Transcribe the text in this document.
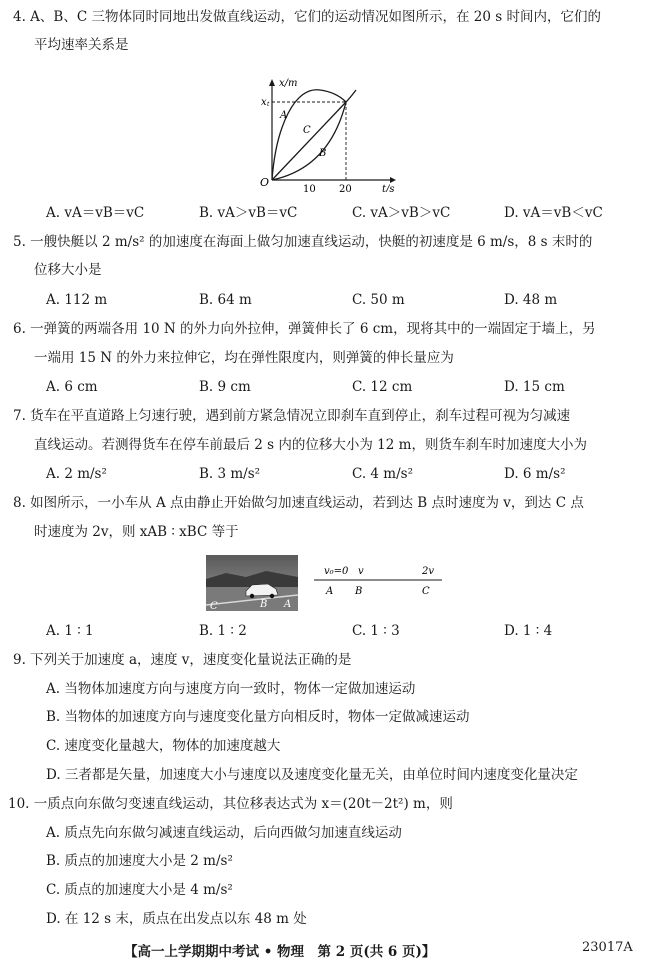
4. A、B、C 三物体同时同地出发做直线运动，它们的运动情况如图所示，在 20 s 时间内，它们的
平均速率关系是
x/m
t/s
x t
O
10 20
A
C
B
A. vA＝vB＝vC	B. vA＞vB＝vC	C. vA＞vB＞vC	D. vA＝vB＜vC
5. 一艘快艇以 2 m/s² 的加速度在海面上做匀加速直线运动，快艇的初速度是 6 m/s，8 s 末时的
位移大小是
A. 112 m	B. 64 m	C. 50 m	D. 48 m
6. 一弹簧的两端各用 10 N 的外力向外拉伸，弹簧伸长了 6 cm，现将其中的一端固定于墙上，另
一端用 15 N 的外力来拉伸它，均在弹性限度内，则弹簧的伸长量应为
A. 6 cm	B. 9 cm	C. 12 cm	D. 15 cm
7. 货车在平直道路上匀速行驶，遇到前方紧急情况立即刹车直到停止，刹车过程可视为匀减速
直线运动。若测得货车在停车前最后 2 s 内的位移大小为 12 m，则货车刹车时加速度大小为
A. 2 m/s²	B. 3 m/s²	C. 4 m/s²	D. 6 m/s²
8. 如图所示，一小车从 A 点由静止开始做匀加速直线运动，若到达 B 点时速度为 v，到达 C 点
时速度为 2v，则 xAB ∶ xBC 等于
C	B A
v₀=0 v	2v
A B	C
A. 1 ∶ 1	B. 1 ∶ 2	C. 1 ∶ 3	D. 1 ∶ 4
9. 下列关于加速度 a，速度 v，速度变化量说法正确的是
A. 当物体加速度方向与速度方向一致时，物体一定做加速运动
B. 当物体的加速度方向与速度变化量方向相反时，物体一定做减速运动
C. 速度变化量越大，物体的加速度越大
D. 三者都是矢量，加速度大小与速度以及速度变化量无关，由单位时间内速度变化量决定
10. 一质点向东做匀变速直线运动，其位移表达式为 x＝(20t－2t²) m，则
A. 质点先向东做匀减速直线运动，后向西做匀加速直线运动
B. 质点的加速度大小是 2 m/s²
C. 质点的加速度大小是 4 m/s²
D. 在 12 s 末，质点在出发点以东 48 m 处
【高一上学期期中考试 • 物理　第 2 页(共 6 页)】	23017A
